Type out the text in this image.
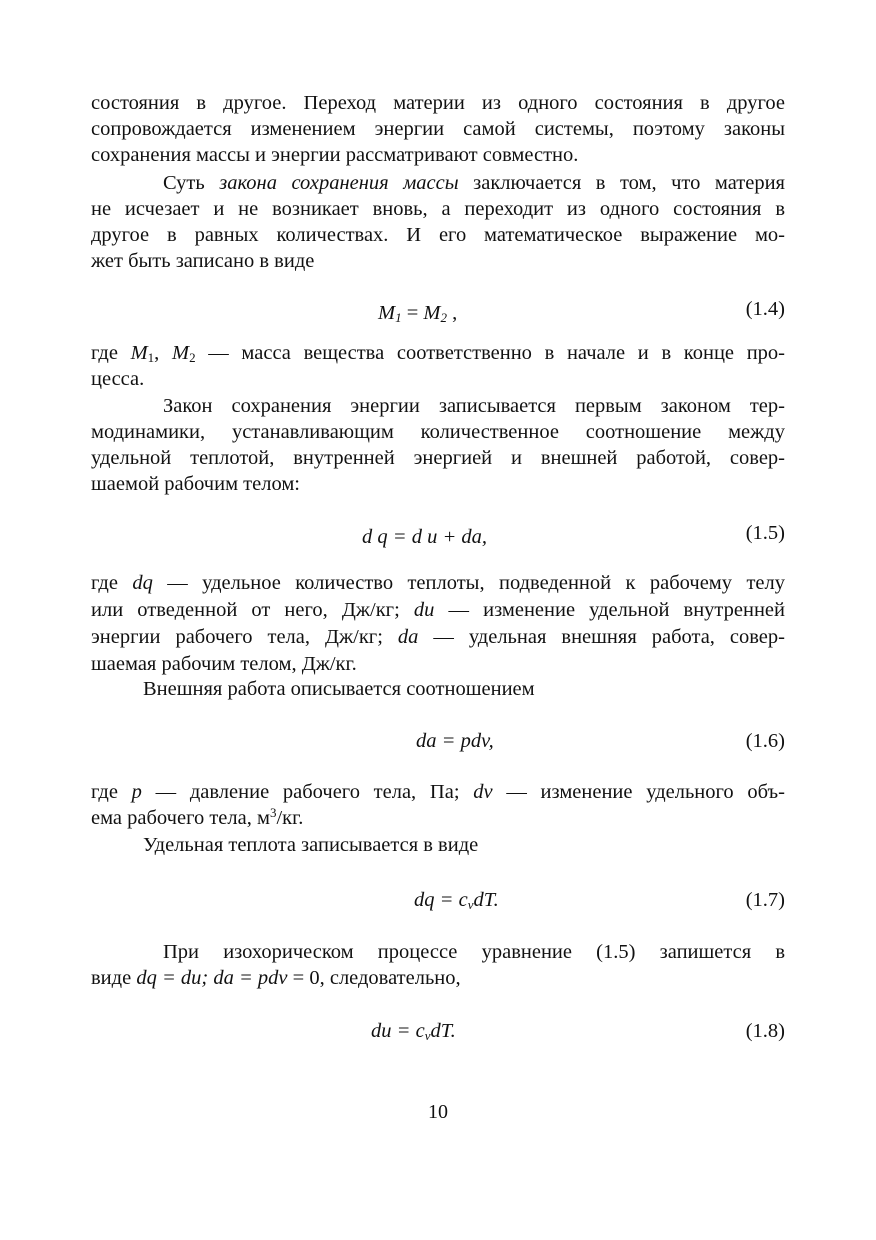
состояния в другое. Переход материи из одного состояния в другое
сопровождается изменением энергии самой системы, поэтому законы
сохранения массы и энергии рассматривают совместно.
Суть закона сохранения массы заключается в том, что материя
не исчезает и не возникает вновь, а переходит из одного состояния в
другое в равных количествах. И его математическое выражение мо-
жет быть записано в виде
$M_1 = M_2$ ,	(1.4)
где $M_1$, $M_2$ — масса вещества соответственно в начале и в конце про-
цесса.
Закон сохранения энергии записывается первым законом тер-
модинамики, устанавливающим количественное соотношение между
удельной теплотой, внутренней энергией и внешней работой, совер-
шаемой рабочим телом:
d q = d u + da,	(1.5)
где dq — удельное количество теплоты, подведенной к рабочему телу
или отведенной от него, Дж/кг; du — изменение удельной внутренней
энергии рабочего тела, Дж/кг; da — удельная внешняя работа, совер-
шаемая рабочим телом, Дж/кг.
Внешняя работа описывается соотношением
da = pdv,	(1.6)
где p — давление рабочего тела, Па; dv — изменение удельного объ-
ема рабочего тела, $м^3/кг$.
Удельная теплота записывается в виде
dq = $c_vdT$.	(1.7)
При изохорическом процессе уравнение (1.5) запишется в
виде dq = du; da = pdv = 0, следовательно,
du = $c_vdT$.	(1.8)
10
